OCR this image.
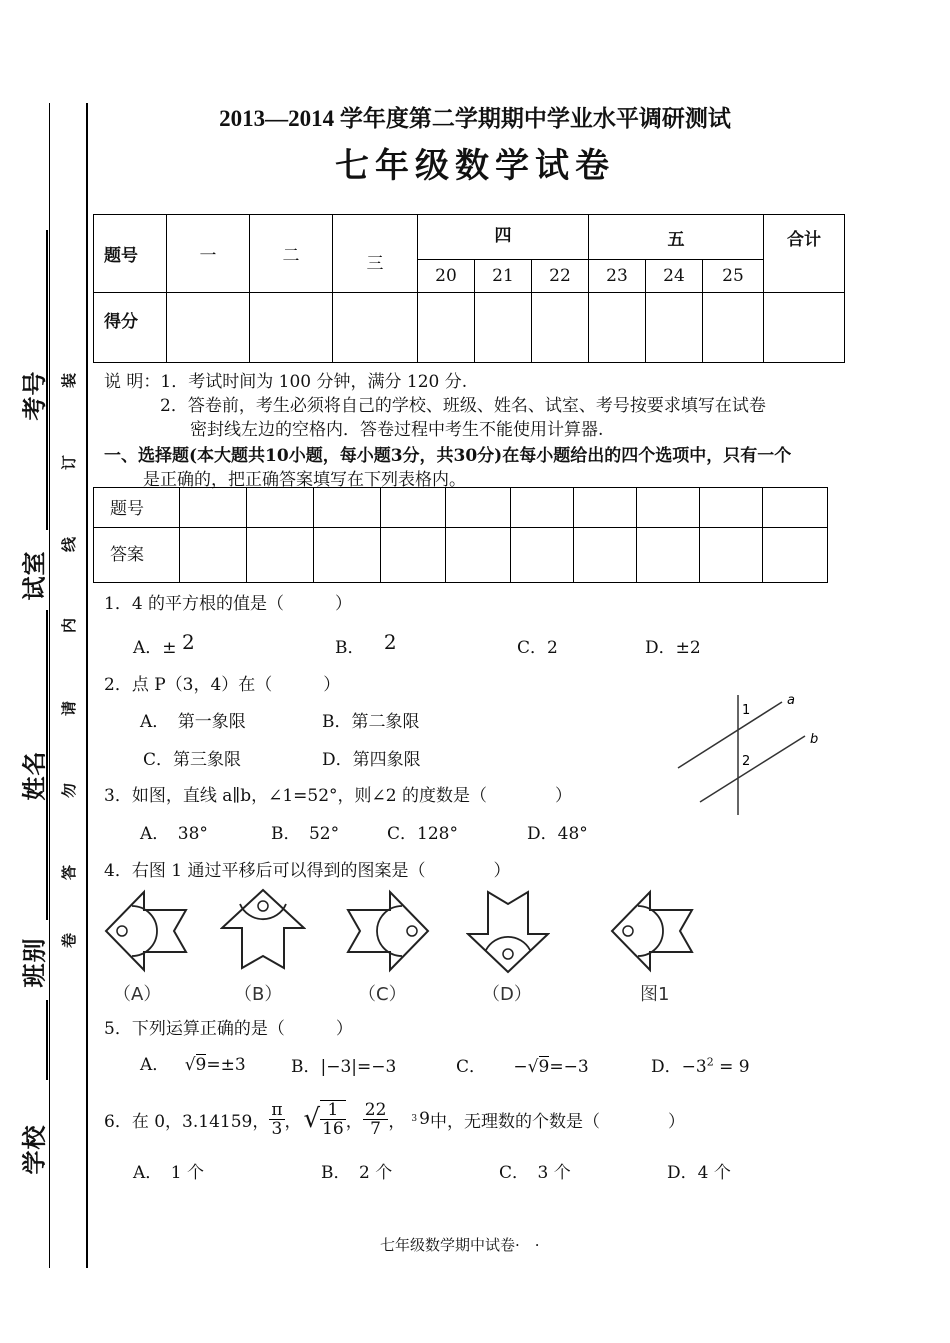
考号
试室
姓名
班别
学校
装
订
线
内
请
勿
答
卷
2013—2014 学年度第二学期期中学业水平调研测试
七年级数学试卷
题号	一	二	三	四			五			合计
				20	21	22	23	24	25	
得分										
说 明：1．考试时间为 100 分钟，满分 120 分.
2．答卷前，考生必须将自己的学校、班级、姓名、试室、考号按要求填写在试卷
密封线左边的空格内．答卷过程中考生不能使用计算器.
一、选择题(本大题共10小题，每小题3分，共30分)在每小题给出的四个选项中，只有一个
是正确的，把正确答案填写在下列表格内。
题号										
答案										
1．4 的平方根的值是（　　　）
A．± 2	B． 2	C．2	D．±2
2．点 P（3，4）在（　　　）
A．　第一象限	B．第二象限
C．第三象限	D．第四象限
a
b
1
2
3．如图，直线 a∥b，∠1=52°，则∠2 的度数是（　　　　）
A．　38°	B．　52°	C．128°	D．48°
4．右图 1 通过平移后可以得到的图案是（　　　　）
（A）	（B）	（C）	（D）	图1
5．下列运算正确的是（　　　）
A． √9=±3	B．|−3|=−3	C． −√9=−3	D．$-3^2 = 9$
6．在 0，3.14159， $\frac{\pi}{3}$ ， √ $\frac{1}{16}$ ， $\frac{22}{7}$ ， 3 9 中，无理数的个数是（　　　　）
A．　1 个	B．　2 个	C．　3 个	D．4 个
七年级数学期中试卷·　·
